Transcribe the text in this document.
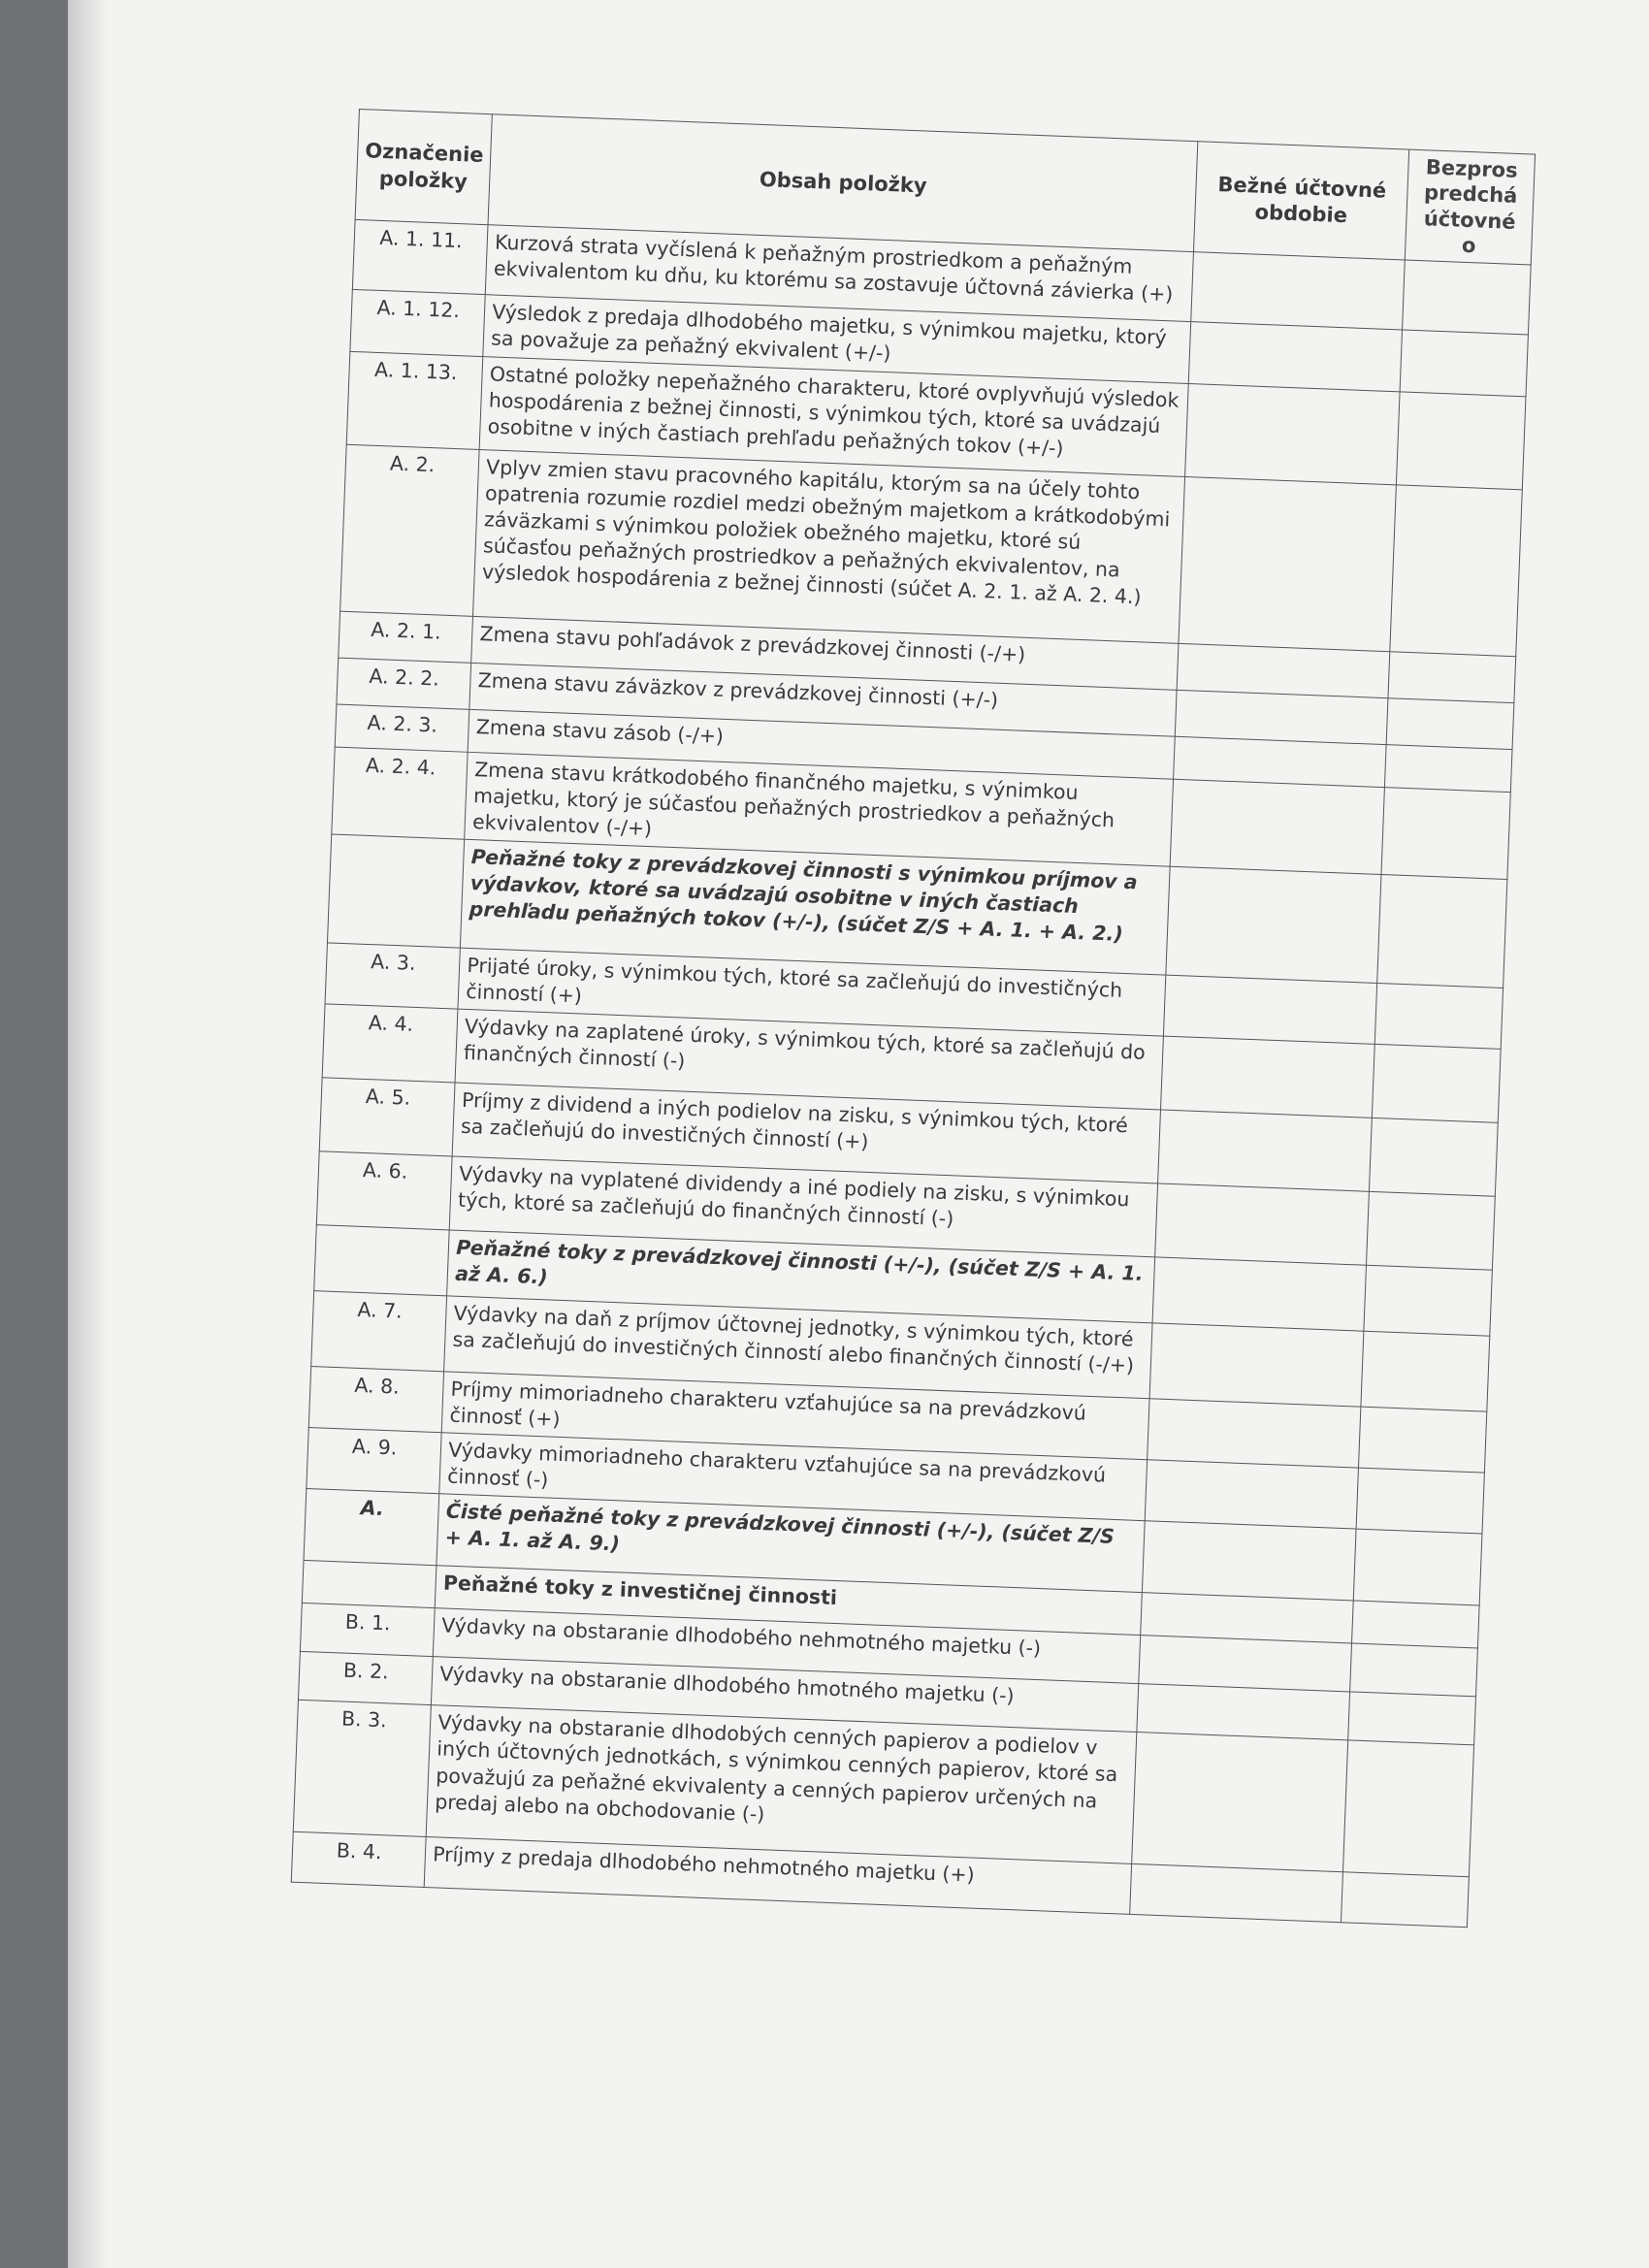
Označenie položky	Obsah položky	Bežné účtovné obdobie	Bezpros predchá účtovné o
A. 1. 11.	Kurzová strata vyčíslená k peňažným prostriedkom a peňažným ekvivalentom ku dňu, ku ktorému sa zostavuje účtovná závierka (+)		
A. 1. 12.	Výsledok z predaja dlhodobého majetku, s výnimkou majetku, ktorý sa považuje za peňažný ekvivalent (+/-)		
A. 1. 13.	Ostatné položky nepeňažného charakteru, ktoré ovplyvňujú výsledok hospodárenia z bežnej činnosti, s výnimkou tých, ktoré sa uvádzajú osobitne v iných častiach prehľadu peňažných tokov (+/-)		
A. 2.	Vplyv zmien stavu pracovného kapitálu, ktorým sa na účely tohto opatrenia rozumie rozdiel medzi obežným majetkom a krátkodobými záväzkami s výnimkou položiek obežného majetku, ktoré sú súčasťou peňažných prostriedkov a peňažných ekvivalentov, na výsledok hospodárenia z bežnej činnosti (súčet A. 2. 1. až A. 2. 4.)		
A. 2. 1.	Zmena stavu pohľadávok z prevádzkovej činnosti (-/+)		
A. 2. 2.	Zmena stavu záväzkov z prevádzkovej činnosti (+/-)		
A. 2. 3.	Zmena stavu zásob (-/+)		
A. 2. 4.	Zmena stavu krátkodobého finančného majetku, s výnimkou majetku, ktorý je súčasťou peňažných prostriedkov a peňažných ekvivalentov (-/+)		
	Peňažné toky z prevádzkovej činnosti s výnimkou príjmov a výdavkov, ktoré sa uvádzajú osobitne v iných častiach prehľadu peňažných tokov (+/-), (súčet Z/S + A. 1. + A. 2.)		
A. 3.	Prijaté úroky, s výnimkou tých, ktoré sa začleňujú do investičných činností (+)		
A. 4.	Výdavky na zaplatené úroky, s výnimkou tých, ktoré sa začleňujú do finančných činností (-)		
A. 5.	Príjmy z dividend a iných podielov na zisku, s výnimkou tých, ktoré sa začleňujú do investičných činností (+)		
A. 6.	Výdavky na vyplatené dividendy a iné podiely na zisku, s výnimkou tých, ktoré sa začleňujú do finančných činností (-)		
	Peňažné toky z prevádzkovej činnosti (+/-), (súčet Z/S + A. 1. až A. 6.)		
A. 7.	Výdavky na daň z príjmov účtovnej jednotky, s výnimkou tých, ktoré sa začleňujú do investičných činností alebo finančných činností (-/+)		
A. 8.	Príjmy mimoriadneho charakteru vzťahujúce sa na prevádzkovú činnosť (+)		
A. 9.	Výdavky mimoriadneho charakteru vzťahujúce sa na prevádzkovú činnosť (-)		
A.	Čisté peňažné toky z prevádzkovej činnosti (+/-), (súčet Z/S + A. 1. až A. 9.)		
	Peňažné toky z investičnej činnosti		
B. 1.	Výdavky na obstaranie dlhodobého nehmotného majetku (-)		
B. 2.	Výdavky na obstaranie dlhodobého hmotného majetku (-)		
B. 3.	Výdavky na obstaranie dlhodobých cenných papierov a podielov v iných účtovných jednotkách, s výnimkou cenných papierov, ktoré sa považujú za peňažné ekvivalenty a cenných papierov určených na predaj alebo na obchodovanie (-)		
B. 4.	Príjmy z predaja dlhodobého nehmotného majetku (+)		
